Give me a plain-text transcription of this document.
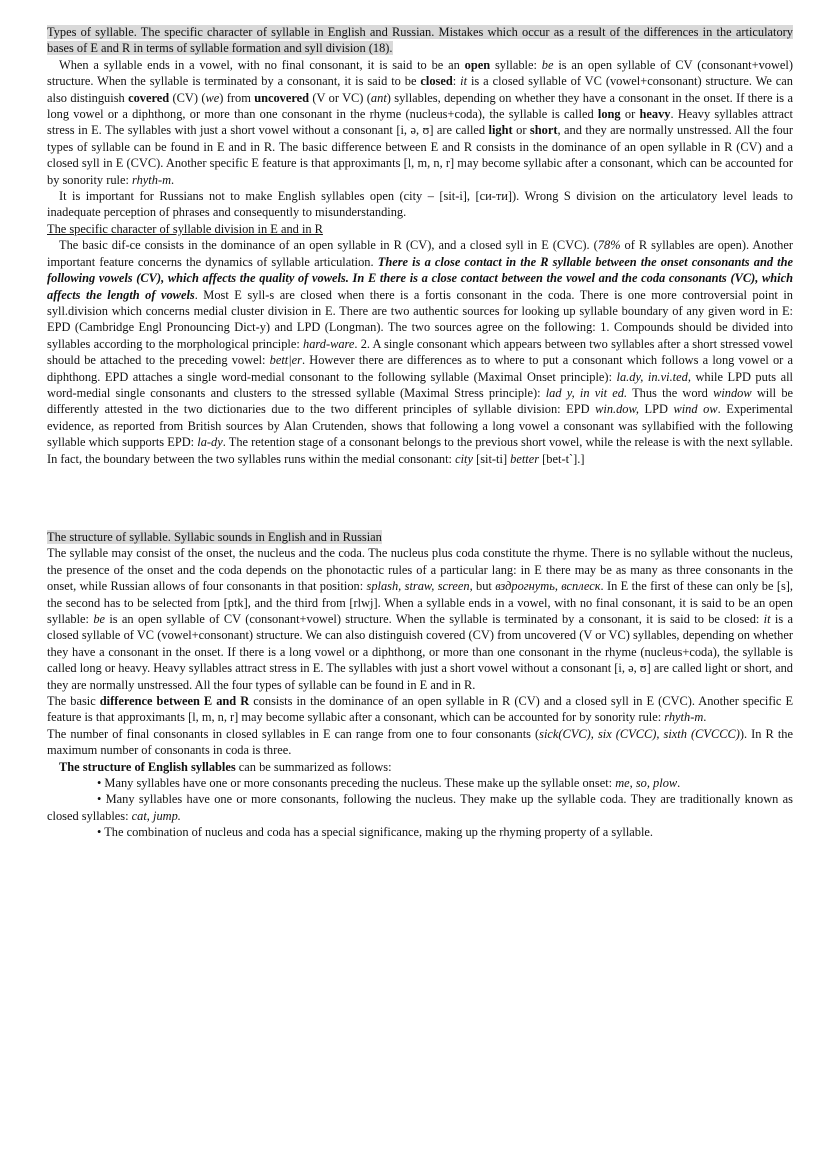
Types of syllable. The specific character of syllable in English and Russian. Mistakes which occur as a result of the differences in the articulatory bases of E and R in terms of syllable formation and syll division (18).

When a syllable ends in a vowel, with no final consonant, it is said to be an open syllable: be is an open syllable of CV (consonant+vowel) structure. When the syllable is terminated by a consonant, it is said to be closed: it is a closed syllable of VC (vowel+consonant) structure. We can also distinguish covered (CV) (we) from uncovered (V or VC) (ant) syllables, depending on whether they have a consonant in the onset. If there is a long vowel or a diphthong, or more than one consonant in the rhyme (nucleus+coda), the syllable is called long or heavy. Heavy syllables attract stress in E. The syllables with just a short vowel without a consonant [i, ə, ʊ] are called light or short, and they are normally unstressed. All the four types of syllable can be found in E and in R. The basic difference between E and R consists in the dominance of an open syllable in R (CV) and a closed syll in E (CVC). Another specific E feature is that approximants [l, m, n, r] may become syllabic after a consonant, which can be accounted for by sonority rule: rhyth-m.

It is important for Russians not to make English syllables open (city – [sit-i], [си-ти]). Wrong S division on the articulatory level leads to inadequate perception of phrases and consequently to misunderstanding.

The specific character of syllable division in E and in R

The basic dif-ce consists in the dominance of an open syllable in R (CV), and a closed syll in E (CVC). (78% of R syllables are open). Another important feature concerns the dynamics of syllable articulation. There is a close contact in the R syllable between the onset consonants and the following vowels (CV), which affects the quality of vowels. In E there is a close contact between the vowel and the coda consonants (VC), which affects the length of vowels. Most E syll-s are closed when there is a fortis consonant in the coda. There is one more controversial point in syll.division which concerns medial cluster division in E. There are two authentic sources for looking up syllable boundary of any given word in E: EPD (Cambridge Engl Pronouncing Dict-y) and LPD (Longman). The two sources agree on the following: 1. Compounds should be divided into syllables according to the morphological principle: hard-ware. 2. A single consonant which appears between two syllables after a short stressed vowel should be attached to the preceding vowel: bett|er. However there are differences as to where to put a consonant which follows a long vowel or a diphthong. EPD attaches a single word-medial consonant to the following syllable (Maximal Onset principle): la.dy, in.vi.ted, while LPD puts all word-medial single consonants and clusters to the stressed syllable (Maximal Stress principle): lad y, in vit ed. Thus the word window will be differently attested in the two dictionaries due to the two different principles of syllable division: EPD win.dow, LPD wind ow. Experimental evidence, as reported from British sources by Alan Crutenden, shows that following a long vowel a consonant was syllabified with the following syllable which supports EPD: la-dy. The retention stage of a consonant belongs to the previous short vowel, while the release is with the next syllable. In fact, the boundary between the two syllables runs within the medial consonant: city [sit-ti] better [bet-t`].]

The structure of syllable. Syllabic sounds in English and in Russian

The syllable may consist of the onset, the nucleus and the coda. The nucleus plus coda constitute the rhyme. There is no syllable without the nucleus, the presence of the onset and the coda depends on the phonotactic rules of a particular lang: in E there may be as many as three consonants in the onset, while Russian allows of four consonants in that position: splash, straw, screen, but вздрогнуть, всплеск. In E the first of these can only be [s], the second has to be selected from [ptk], and the third from [rlwj]. When a syllable ends in a vowel, with no final consonant, it is said to be an open syllable: be is an open syllable of CV (consonant+vowel) structure. When the syllable is terminated by a consonant, it is said to be closed: it is a closed syllable of VC (vowel+consonant) structure. We can also distinguish covered (CV) from uncovered (V or VC) syllables, depending on whether they have a consonant in the onset. If there is a long vowel or a diphthong, or more than one consonant in the rhyme (nucleus+coda), the syllable is called long or heavy. Heavy syllables attract stress in E. The syllables with just a short vowel without a consonant [i, ə, ʊ] are called light or short, and they are normally unstressed. All the four types of syllable can be found in E and in R.

The basic difference between E and R consists in the dominance of an open syllable in R (CV) and a closed syll in E (CVC). Another specific E feature is that approximants [l, m, n, r] may become syllabic after a consonant, which can be accounted for by sonority rule: rhyth-m.

The number of final consonants in closed syllables in E can range from one to four consonants (sick(CVC), six (CVCC), sixth (CVCCC)). In R the maximum number of consonants in coda is three.

The structure of English syllables can be summarized as follows:

• Many syllables have one or more consonants preceding the nucleus. These make up the syllable onset: me, so, plow.

• Many syllables have one or more consonants, following the nucleus. They make up the syllable coda. They are traditionally known as closed syllables: cat, jump.

• The combination of nucleus and coda has a special significance, making up the rhyming property of a syllable.
